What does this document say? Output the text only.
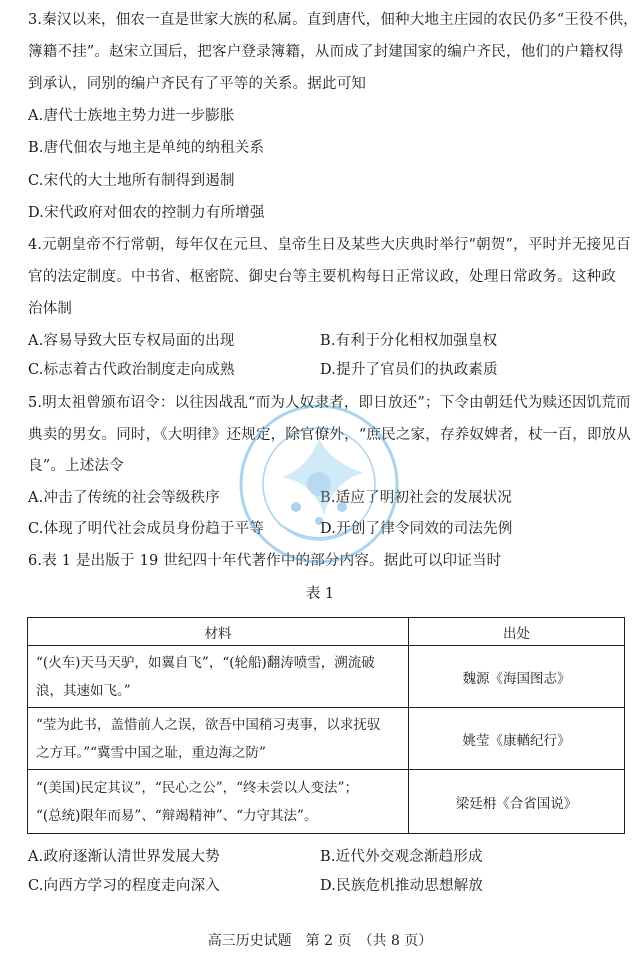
3.秦汉以来，佃农一直是世家大族的私属。直到唐代，佃种大地主庄园的农民仍多“王役不供，
簿籍不挂”。赵宋立国后，把客户登录簿籍，从而成了封建国家的编户齐民，他们的户籍权得
到承认，同别的编户齐民有了平等的关系。据此可知
A.唐代士族地主势力进一步膨胀
B.唐代佃农与地主是单纯的纳租关系
C.宋代的大土地所有制得到遏制
D.宋代政府对佃农的控制力有所增强
4.元朝皇帝不行常朝，每年仅在元旦、皇帝生日及某些大庆典时举行“朝贺”，平时并无接见百
官的法定制度。中书省、枢密院、御史台等主要机构每日正常议政，处理日常政务。这种政
治体制
A.容易导致大臣专权局面的出现	B.有利于分化相权加强皇权
C.标志着古代政治制度走向成熟	D.提升了官员们的执政素质
5.明太祖曾颁布诏令：以往因战乱“而为人奴隶者，即日放还”；下令由朝廷代为赎还因饥荒而
典卖的男女。同时，《大明律》还规定，除官僚外，“庶民之家，存养奴婢者，杖一百，即放从
良”。上述法令
A.冲击了传统的社会等级秩序	B.适应了明初社会的发展状况
C.体现了明代社会成员身份趋于平等	D.开创了律令同效的司法先例
6.表 1 是出版于 19 世纪四十年代著作中的部分内容。据此可以印证当时
表 1
材料	出处

“(火车)天马天驴，如翼自飞”，“(轮船)翻涛喷雪，溯流破
浪，其速如飞。”	魏源《海国图志》

“莹为此书，盖惜前人之误，欲吾中国稍习夷事，以求抚驭
之方耳。”“冀雪中国之耻，重边海之防”	姚莹《康輶纪行》

“(美国)民定其议”，“民心之公”，“终未尝以人变法”；
“(总统)限年而易”、“辩竭精神”、“力守其法”。	梁廷枏《合省国说》
A.政府逐渐认清世界发展大势	B.近代外交观念渐趋形成
C.向西方学习的程度走向深入	D.民族危机推动思想解放
高三历史试题　第 2 页　（共 8 页）
